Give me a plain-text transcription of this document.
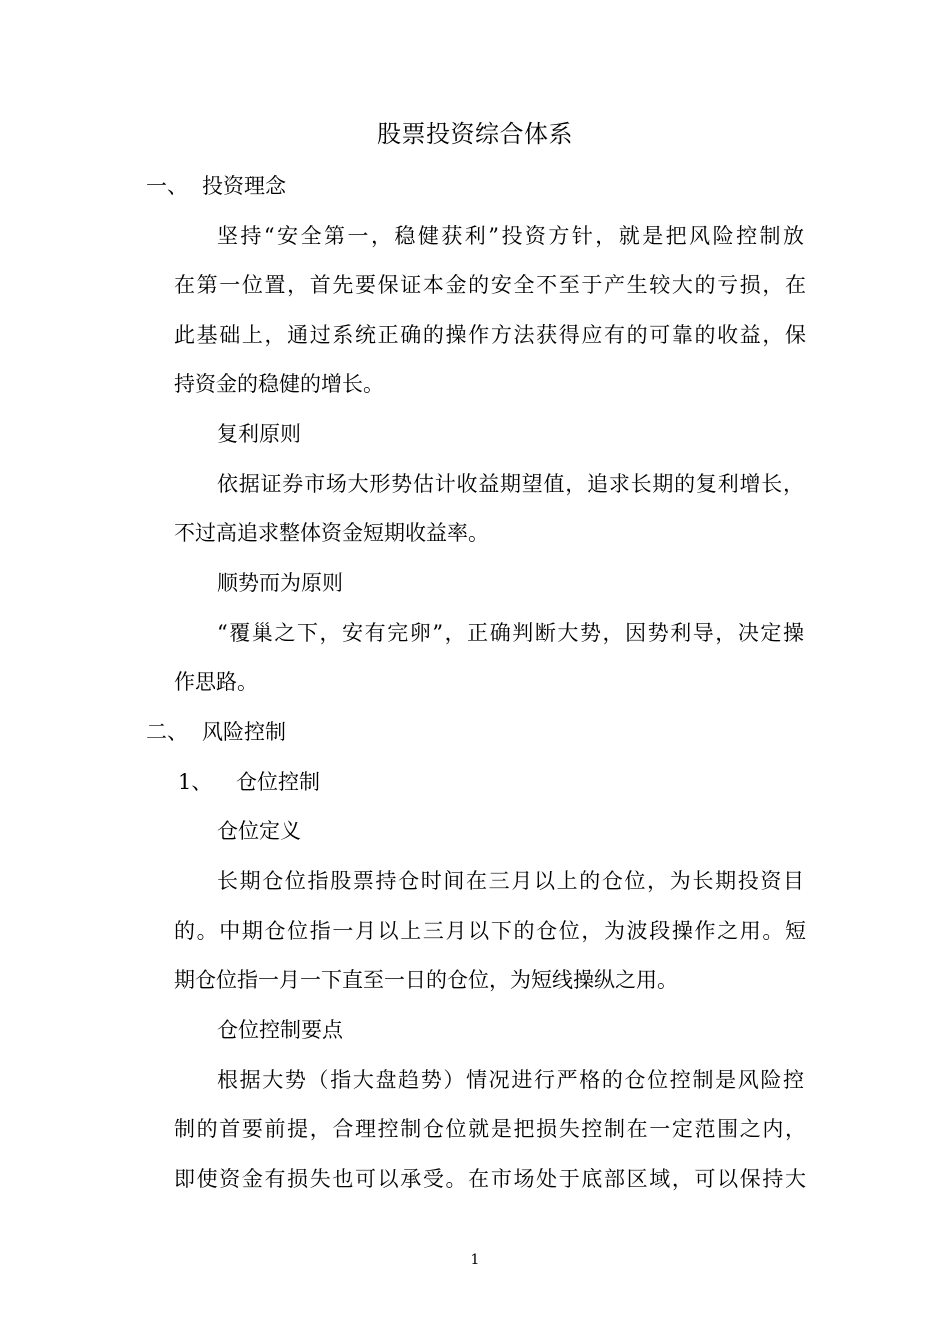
股票投资综合体系
一、 投资理念
坚持“安全第一，稳健获利”投资方针，就是把风险控制放
在第一位置，首先要保证本金的安全不至于产生较大的亏损，在
此基础上，通过系统正确的操作方法获得应有的可靠的收益，保
持资金的稳健的增长。
复利原则
依据证券市场大形势估计收益期望值，追求长期的复利增长，
不过高追求整体资金短期收益率。
顺势而为原则
“覆巢之下，安有完卵”，正确判断大势，因势利导，决定操
作思路。
二、 风险控制
1、 仓位控制
仓位定义
长期仓位指股票持仓时间在三月以上的仓位，为长期投资目
的。中期仓位指一月以上三月以下的仓位，为波段操作之用。短
期仓位指一月一下直至一日的仓位，为短线操纵之用。
仓位控制要点
根据大势（指大盘趋势）情况进行严格的仓位控制是风险控
制的首要前提，合理控制仓位就是把损失控制在一定范围之内，
即使资金有损失也可以承受。在市场处于底部区域，可以保持大
1
